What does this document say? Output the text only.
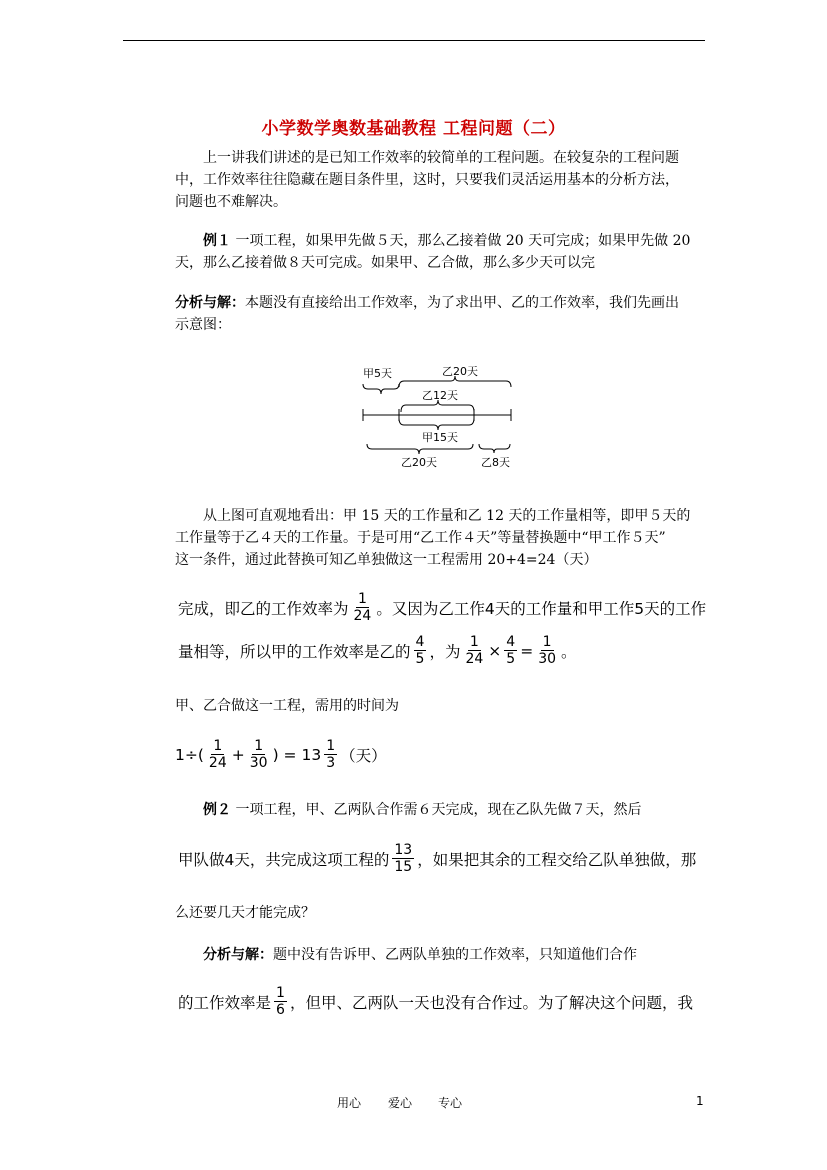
小学数学奥数基础教程 工程问题（二）
上一讲我们讲述的是已知工作效率的较简单的工程问题。在较复杂的工程问题
中，工作效率往往隐藏在题目条件里，这时，只要我们灵活运用基本的分析方法，
问题也不难解决。
例１ 一项工程，如果甲先做５天，那么乙接着做 20 天可完成；如果甲先做 20
天，那么乙接着做８天可完成。如果甲、乙合做，那么多少天可以完
分析与解：本题没有直接给出工作效率，为了求出甲、乙的工作效率，我们先画出
示意图：
甲5天	乙20天
乙12天
甲15天
乙20天	乙8天
从上图可直观地看出：甲 15 天的工作量和乙 12 天的工作量相等，即甲５天的
工作量等于乙４天的工作量。于是可用“乙工作４天”等量替换题中“甲工作５天”
这一条件，通过此替换可知乙单独做这一工程需用 20+4=24（天）
完成，即乙的工作效率为 $\frac{1}{24}$ 。又因为乙工作4天的工作量和甲工作5天的工作
量相等，所以甲的工作效率是乙的 $\frac{4}{5}$ ，为 $\frac{1}{24} \times \frac{4}{5} = \frac{1}{30}$ 。
甲、乙合做这一工程，需用的时间为
$1\div( \frac{1}{24} + \frac{1}{30}$ ) = $13 \frac{1}{3}$ （天）
例２ 一项工程，甲、乙两队合作需６天完成，现在乙队先做７天，然后
甲队做4天，共完成这项工程的 $\frac{13}{15}$ ，如果把其余的工程交给乙队单独做，那
么还要几天才能完成？
分析与解：题中没有告诉甲、乙两队单独的工作效率，只知道他们合作
的工作效率是 $\frac{1}{6}$ ，但甲、乙两队一天也没有合作过。为了解决这个问题，我
用心 爱心 专心	1
